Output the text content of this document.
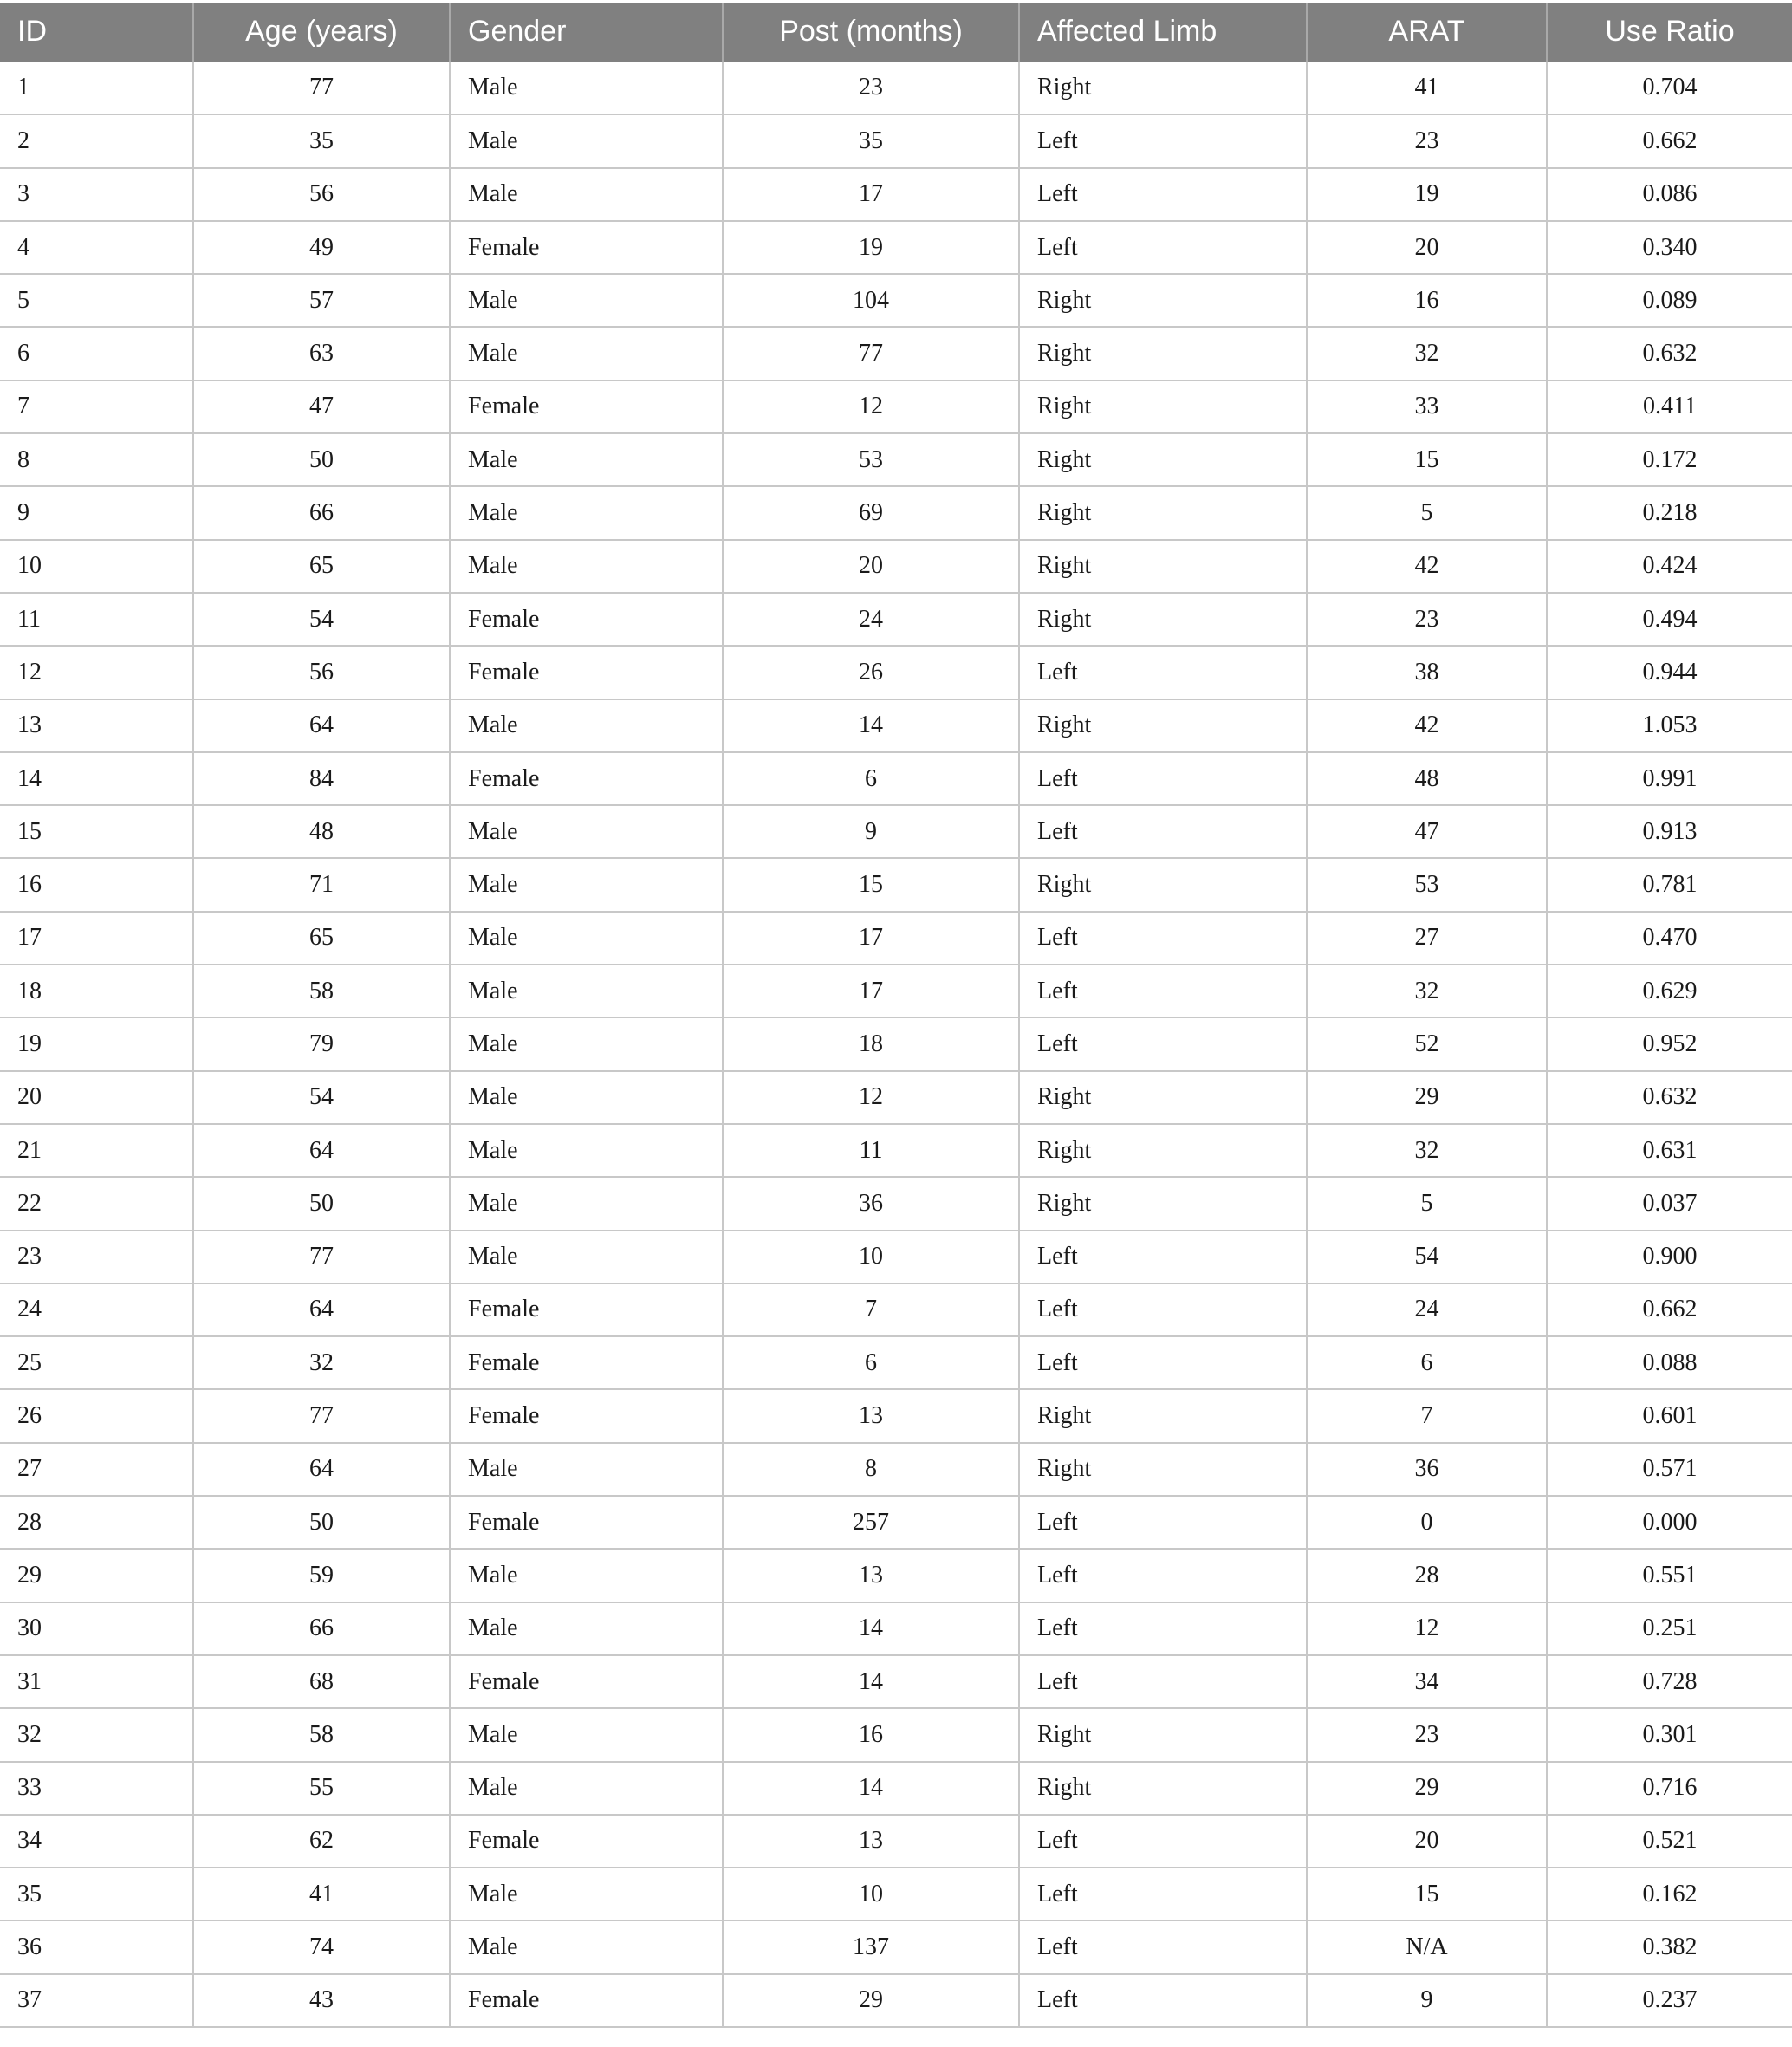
ID	Age (years)	Gender	Post (months)	Affected Limb	ARAT	Use Ratio
1	77	Male	23	Right	41	0.704
2	35	Male	35	Left	23	0.662
3	56	Male	17	Left	19	0.086
4	49	Female	19	Left	20	0.340
5	57	Male	104	Right	16	0.089
6	63	Male	77	Right	32	0.632
7	47	Female	12	Right	33	0.411
8	50	Male	53	Right	15	0.172
9	66	Male	69	Right	5	0.218
10	65	Male	20	Right	42	0.424
11	54	Female	24	Right	23	0.494
12	56	Female	26	Left	38	0.944
13	64	Male	14	Right	42	1.053
14	84	Female	6	Left	48	0.991
15	48	Male	9	Left	47	0.913
16	71	Male	15	Right	53	0.781
17	65	Male	17	Left	27	0.470
18	58	Male	17	Left	32	0.629
19	79	Male	18	Left	52	0.952
20	54	Male	12	Right	29	0.632
21	64	Male	11	Right	32	0.631
22	50	Male	36	Right	5	0.037
23	77	Male	10	Left	54	0.900
24	64	Female	7	Left	24	0.662
25	32	Female	6	Left	6	0.088
26	77	Female	13	Right	7	0.601
27	64	Male	8	Right	36	0.571
28	50	Female	257	Left	0	0.000
29	59	Male	13	Left	28	0.551
30	66	Male	14	Left	12	0.251
31	68	Female	14	Left	34	0.728
32	58	Male	16	Right	23	0.301
33	55	Male	14	Right	29	0.716
34	62	Female	13	Left	20	0.521
35	41	Male	10	Left	15	0.162
36	74	Male	137	Left	N/A	0.382
37	43	Female	29	Left	9	0.237
